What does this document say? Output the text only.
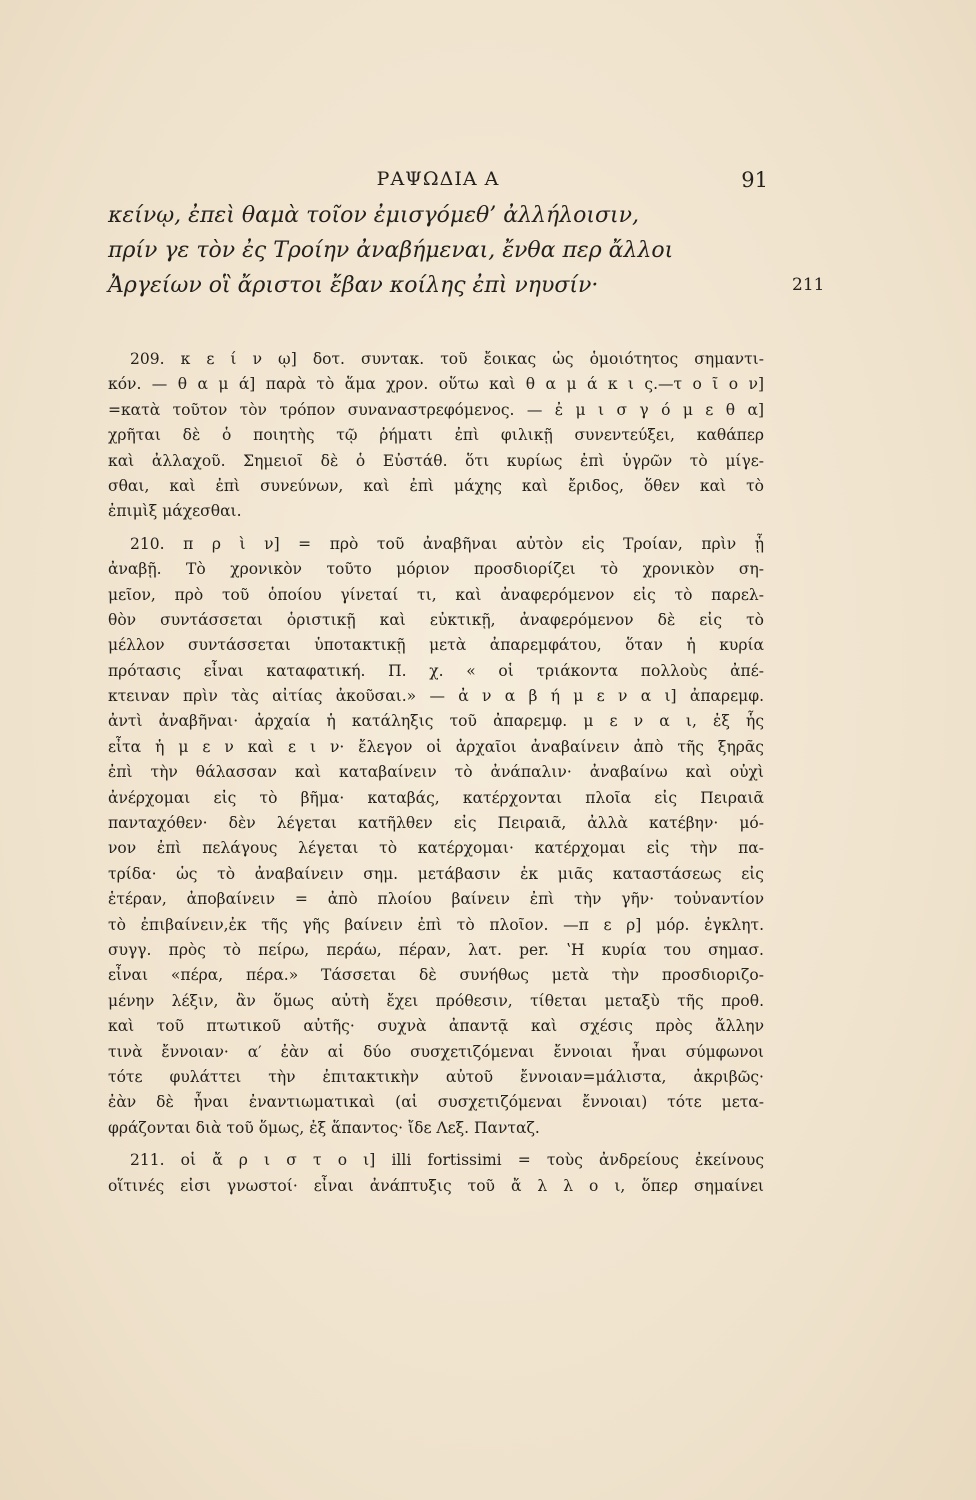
ΡΑΨΩΔΙΑ Α	91
κείνῳ, ἐπεὶ θαμὰ τοῖον ἐμισγόμεθ’ ἀλλήλοισιν,
πρίν γε τὸν ἐς Τροίην ἀναβήμεναι, ἔνθα περ ἄλλοι
Ἀργείων οἳ ἄριστοι ἔβαν κοίλης ἐπὶ νηυσίν·	211
209. κ ε ί ν ῳ] δοτ. συντακ. τοῦ ἔοικας ὡς ὁμοιότητος σημαντι-
κόν. — θ α μ ά] παρὰ τὸ ἅμα χρον. οὕτω καὶ θ α μ ά κ ι ς.—τ ο ῖ ο ν]
=κατὰ τοῦτον τὸν τρόπον συναναστρεφόμενος. — ἐ μ ι σ γ ό μ ε θ α]
χρῆται δὲ ὁ ποιητὴς τῷ ῥήματι ἐπὶ φιλικῇ συνεντεύξει, καθάπερ
καὶ ἀλλαχοῦ. Σημειοῖ δὲ ὁ Εὐστάθ. ὅτι κυρίως ἐπὶ ὑγρῶν τὸ μίγε-
σθαι, καὶ ἐπὶ συνεύνων, καὶ ἐπὶ μάχης καὶ ἔριδος, ὅθεν καὶ τὸ
ἐπιμὶξ μάχεσθαι.
210. π ρ ὶ ν] = πρὸ τοῦ ἀναβῆναι αὐτὸν εἰς Τροίαν, πρὶν ᾗ
ἀναβῇ. Τὸ χρονικὸν τοῦτο μόριον προσδιορίζει τὸ χρονικὸν ση-
μεῖον, πρὸ τοῦ ὁποίου γίνεταί τι, καὶ ἀναφερόμενον εἰς τὸ παρελ-
θὸν συντάσσεται ὁριστικῇ καὶ εὐκτικῇ, ἀναφερόμενον δὲ εἰς τὸ
μέλλον συντάσσεται ὑποτακτικῇ μετὰ ἀπαρεμφάτου, ὅταν ἡ κυρία
πρότασις εἶναι καταφατική. Π. χ. « οἱ τριάκοντα πολλοὺς ἀπέ-
κτειναν πρὶν τὰς αἰτίας ἀκοῦσαι.» — ἀ ν α β ή μ ε ν α ι] ἀπαρεμφ.
ἀντὶ ἀναβῆναι· ἀρχαία ἡ κατάληξις τοῦ ἀπαρεμφ. μ ε ν α ι, ἐξ ἧς
εἶτα ἡ μ ε ν καὶ ε ι ν· ἔλεγον οἱ ἀρχαῖοι ἀναβαίνειν ἀπὸ τῆς ξηρᾶς
ἐπὶ τὴν θάλασσαν καὶ καταβαίνειν τὸ ἀνάπαλιν· ἀναβαίνω καὶ οὐχὶ
ἀνέρχομαι εἰς τὸ βῆμα· καταβάς, κατέρχονται πλοῖα εἰς Πειραιᾶ
πανταχόθεν· δὲν λέγεται κατῆλθεν εἰς Πειραιᾶ, ἀλλὰ κατέβην· μό-
νον ἐπὶ πελάγους λέγεται τὸ κατέρχομαι· κατέρχομαι εἰς τὴν πα-
τρίδα· ὡς τὸ ἀναβαίνειν σημ. μετάβασιν ἐκ μιᾶς καταστάσεως εἰς
ἑτέραν, ἀποβαίνειν = ἀπὸ πλοίου βαίνειν ἐπὶ τὴν γῆν· τοὐναντίον
τὸ ἐπιβαίνειν,ἐκ τῆς γῆς βαίνειν ἐπὶ τὸ πλοῖον. —π ε ρ] μόρ. ἐγκλητ.
συγγ. πρὸς τὸ πείρω, περάω, πέραν, λατ. per. ʽΗ κυρία του σημασ.
εἶναι «πέρα, πέρα.» Τάσσεται δὲ συνήθως μετὰ τὴν προσδιοριζο-
μένην λέξιν, ἂν ὅμως αὐτὴ ἔχει πρόθεσιν, τίθεται μεταξὺ τῆς προθ.
καὶ τοῦ πτωτικοῦ αὐτῆς· συχνὰ ἀπαντᾷ καὶ σχέσις πρὸς ἄλλην
τινὰ ἔννοιαν· α′ ἐὰν αἱ δύο συσχετιζόμεναι ἔννοιαι ἦναι σύμφωνοι
τότε φυλάττει τὴν ἐπιτακτικὴν αὐτοῦ ἔννοιαν=μάλιστα, ἀκριβῶς·
ἐὰν δὲ ἦναι ἐναντιωματικαὶ (αἱ συσχετιζόμεναι ἔννοιαι) τότε μετα-
φράζονται διὰ τοῦ ὅμως, ἐξ ἅπαντος· ἴδε Λεξ. Πανταζ.
211. οἱ ἄ ρ ι σ τ ο ι] illi fortissimi = τοὺς ἀνδρείους ἐκείνους
οἵτινές εἰσι γνωστοί· εἶναι ἀνάπτυξις τοῦ ἄ λ λ ο ι, ὅπερ σημαίνει
